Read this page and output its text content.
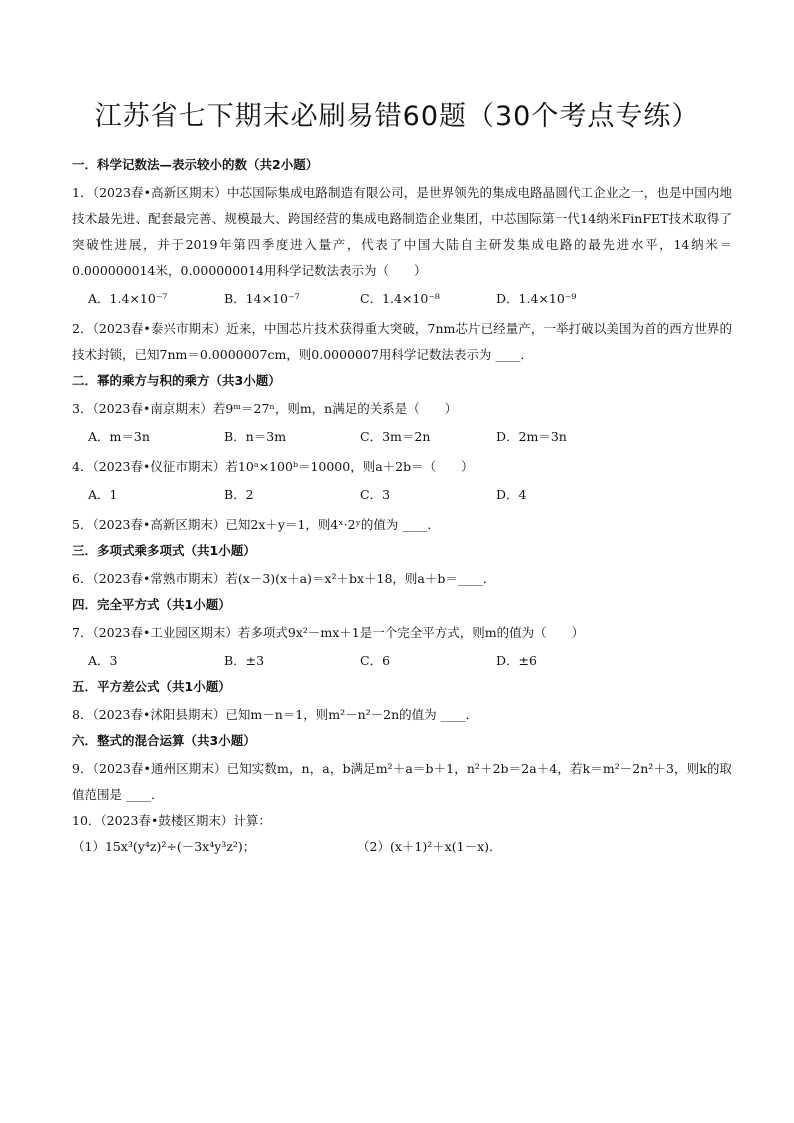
江苏省七下期末必刷易错60题（30个考点专练）
一．科学记数法—表示较小的数（共2小题）

1．（2023春•高新区期末）中芯国际集成电路制造有限公司，是世界领先的集成电路晶圆代工企业之一，也是中国内地技术最先进、配套最完善、规模最大、跨国经营的集成电路制造企业集团，中芯国际第一代14纳米FinFET技术取得了突破性进展，并于2019年第四季度进入量产，代表了中国大陆自主研发集成电路的最先进水平，14纳米＝0.000000014米，0.000000014用科学记数法表示为（　　）

A．1.4×10⁻⁷	B．14×10⁻⁷	C．1.4×10⁻⁸	D．1.4×10⁻⁹

2．（2023春•泰兴市期末）近来，中国芯片技术获得重大突破，7nm芯片已经量产，一举打破以美国为首的西方世界的技术封锁，已知7nm＝0.0000007cm，则0.0000007用科学记数法表示为 ____．

二．幂的乘方与积的乘方（共3小题）

3．（2023春•南京期末）若9ᵐ＝27ⁿ，则m，n满足的关系是（　　）

A．m＝3n	B．n＝3m	C．3m＝2n	D．2m＝3n

4．（2023春•仪征市期末）若10ᵃ×100ᵇ＝10000，则a＋2b＝（　　）

A．1	B．2	C．3	D．4

5．（2023春•高新区期末）已知2x＋y＝1，则4ˣ·2ʸ的值为 ____．

三．多项式乘多项式（共1小题）

6．（2023春•常熟市期末）若(x－3)(x＋a)＝x²＋bx＋18，则a＋b＝____．

四．完全平方式（共1小题）

7．（2023春•工业园区期末）若多项式9x²－mx＋1是一个完全平方式，则m的值为（　　）

A．3	B．±3	C．6	D．±6
五．平方差公式（共1小题）

8．（2023春•沭阳县期末）已知m－n＝1，则m²－n²－2n的值为 ____．

六．整式的混合运算（共3小题）

9．（2023春•通州区期末）已知实数m，n，a，b满足m²＋a＝b＋1，n²＋2b＝2a＋4，若k＝m²－2n²＋3，则k的取值范围是 ____．

10．（2023春•鼓楼区期末）计算：

（1）15x³(y⁴z)²÷(－3x⁴y³z²)；	（2）(x＋1)²＋x(1－x)．
